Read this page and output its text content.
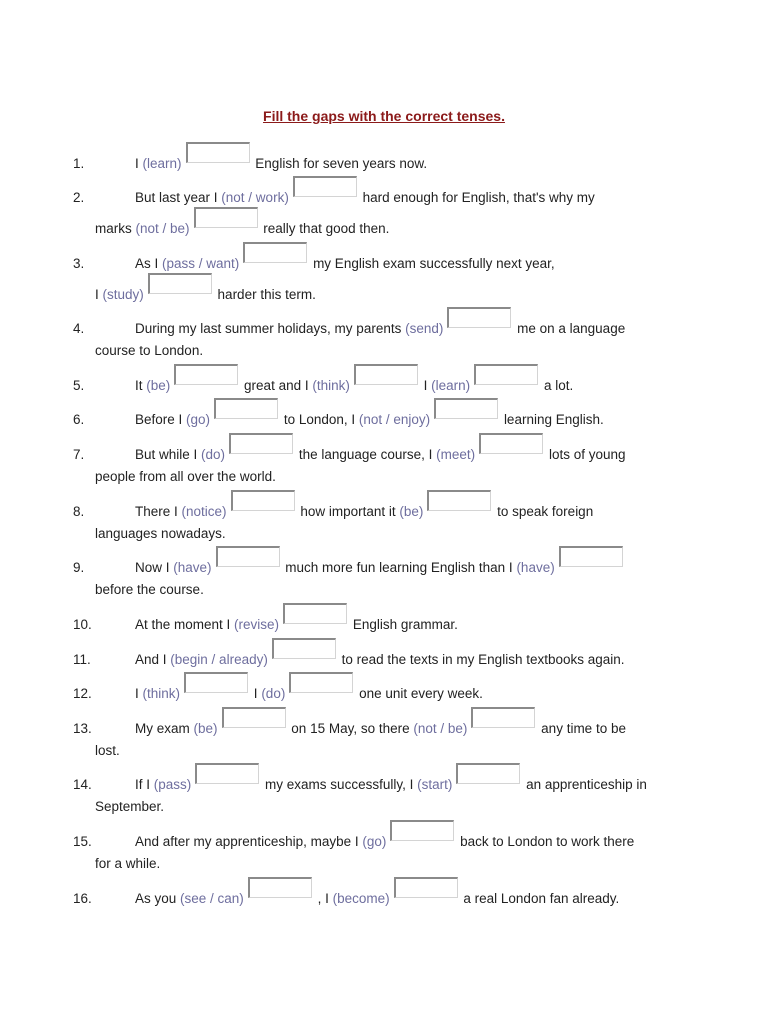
Fill the gaps with the correct tenses.
1.	I (learn)	English for seven years now.
2.	But last year I (not / work)	hard enough for English, that's why my
marks (not / be)	really that good then.
3.	As I (pass / want)	my English exam successfully next year,
I (study)	harder this term.
4.	During my last summer holidays, my parents (send)	me on a language
course to London.
5.	It (be)	great and I (think)	I (learn)	a lot.
6.	Before I (go)	to London, I (not / enjoy)	learning English.
7.	But while I (do)	the language course, I (meet)	lots of young
people from all over the world.
8.	There I (notice)	how important it (be)	to speak foreign
languages nowadays.
9.	Now I (have)	much more fun learning English than I (have)
before the course.
10.	At the moment I (revise)	English grammar.
11.	And I (begin / already)	to read the texts in my English textbooks again.
12.	I (think)	I (do)	one unit every week.
13.	My exam (be)	on 15 May, so there (not / be)	any time to be
lost.
14.	If I (pass)	my exams successfully, I (start)	an apprenticeship in
September.
15.	And after my apprenticeship, maybe I (go)	back to London to work there
for a while.
16.	As you (see / can)	, I (become)	a real London fan already.
